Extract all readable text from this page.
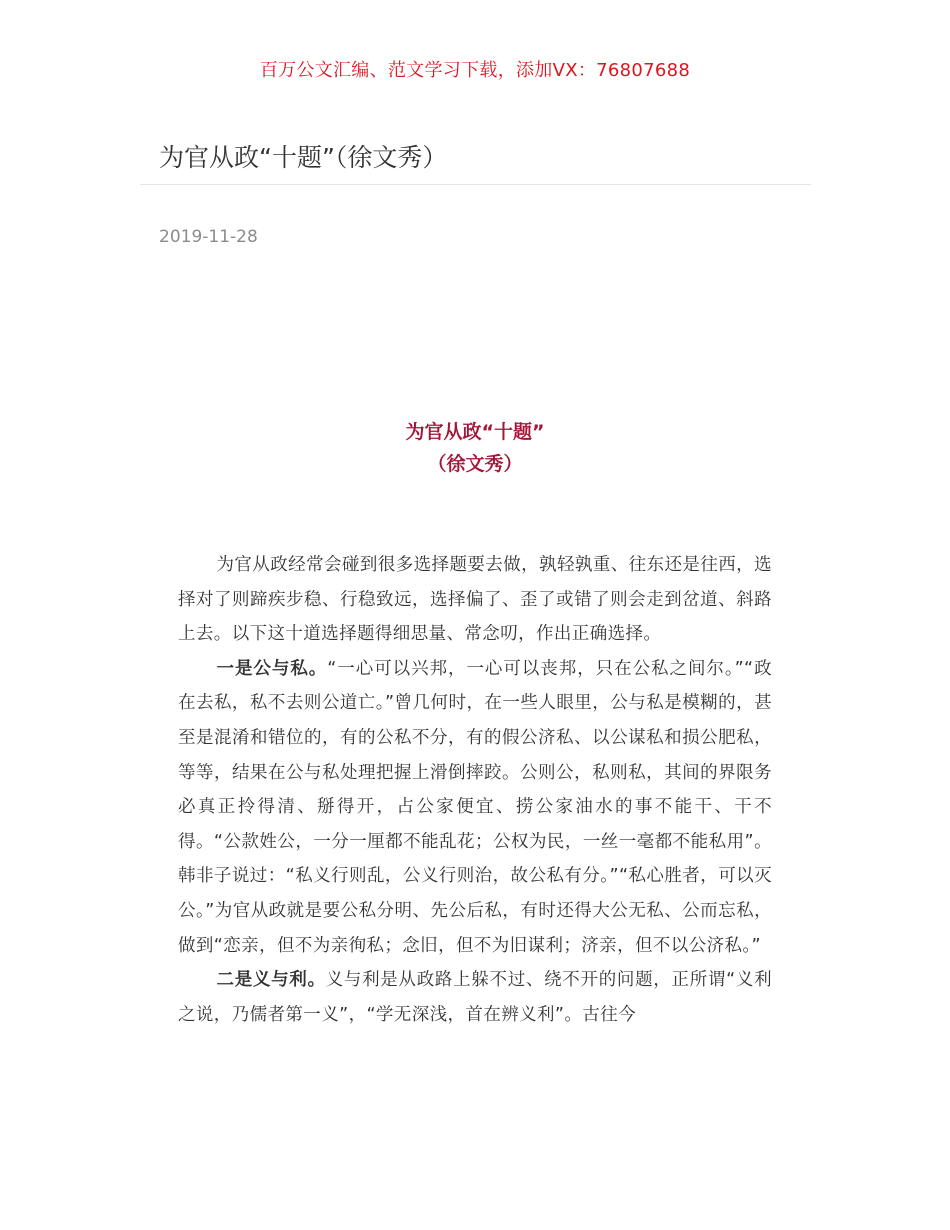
百万公文汇编、范文学习下载，添加VX：76807688
为官从政“十题”（徐文秀）
2019-11-28
为官从政“十题”
（徐文秀）

为官从政经常会碰到很多选择题要去做，孰轻孰重、往东还是往西，选择对了则蹄疾步稳、行稳致远，选择偏了、歪了或错了则会走到岔道、斜路上去。以下这十道选择题得细思量、常念叨，作出正确选择。

一是公与私。“一心可以兴邦，一心可以丧邦，只在公私之间尔。”“政在去私，私不去则公道亡。”曾几何时，在一些人眼里，公与私是模糊的，甚至是混淆和错位的，有的公私不分，有的假公济私、以公谋私和损公肥私，等等，结果在公与私处理把握上滑倒摔跤。公则公，私则私，其间的界限务必真正拎得清、掰得开，占公家便宜、捞公家油水的事不能干、干不得。“公款姓公，一分一厘都不能乱花；公权为民，一丝一毫都不能私用”。韩非子说过：“私义行则乱，公义行则治，故公私有分。”“私心胜者，可以灭公。”为官从政就是要公私分明、先公后私，有时还得大公无私、公而忘私，做到“恋亲，但不为亲徇私；念旧，但不为旧谋利；济亲，但不以公济私。”

二是义与利。义与利是从政路上躲不过、绕不开的问题，正所谓“义利之说，乃儒者第一义”，“学无深浅，首在辨义利”。古往今
